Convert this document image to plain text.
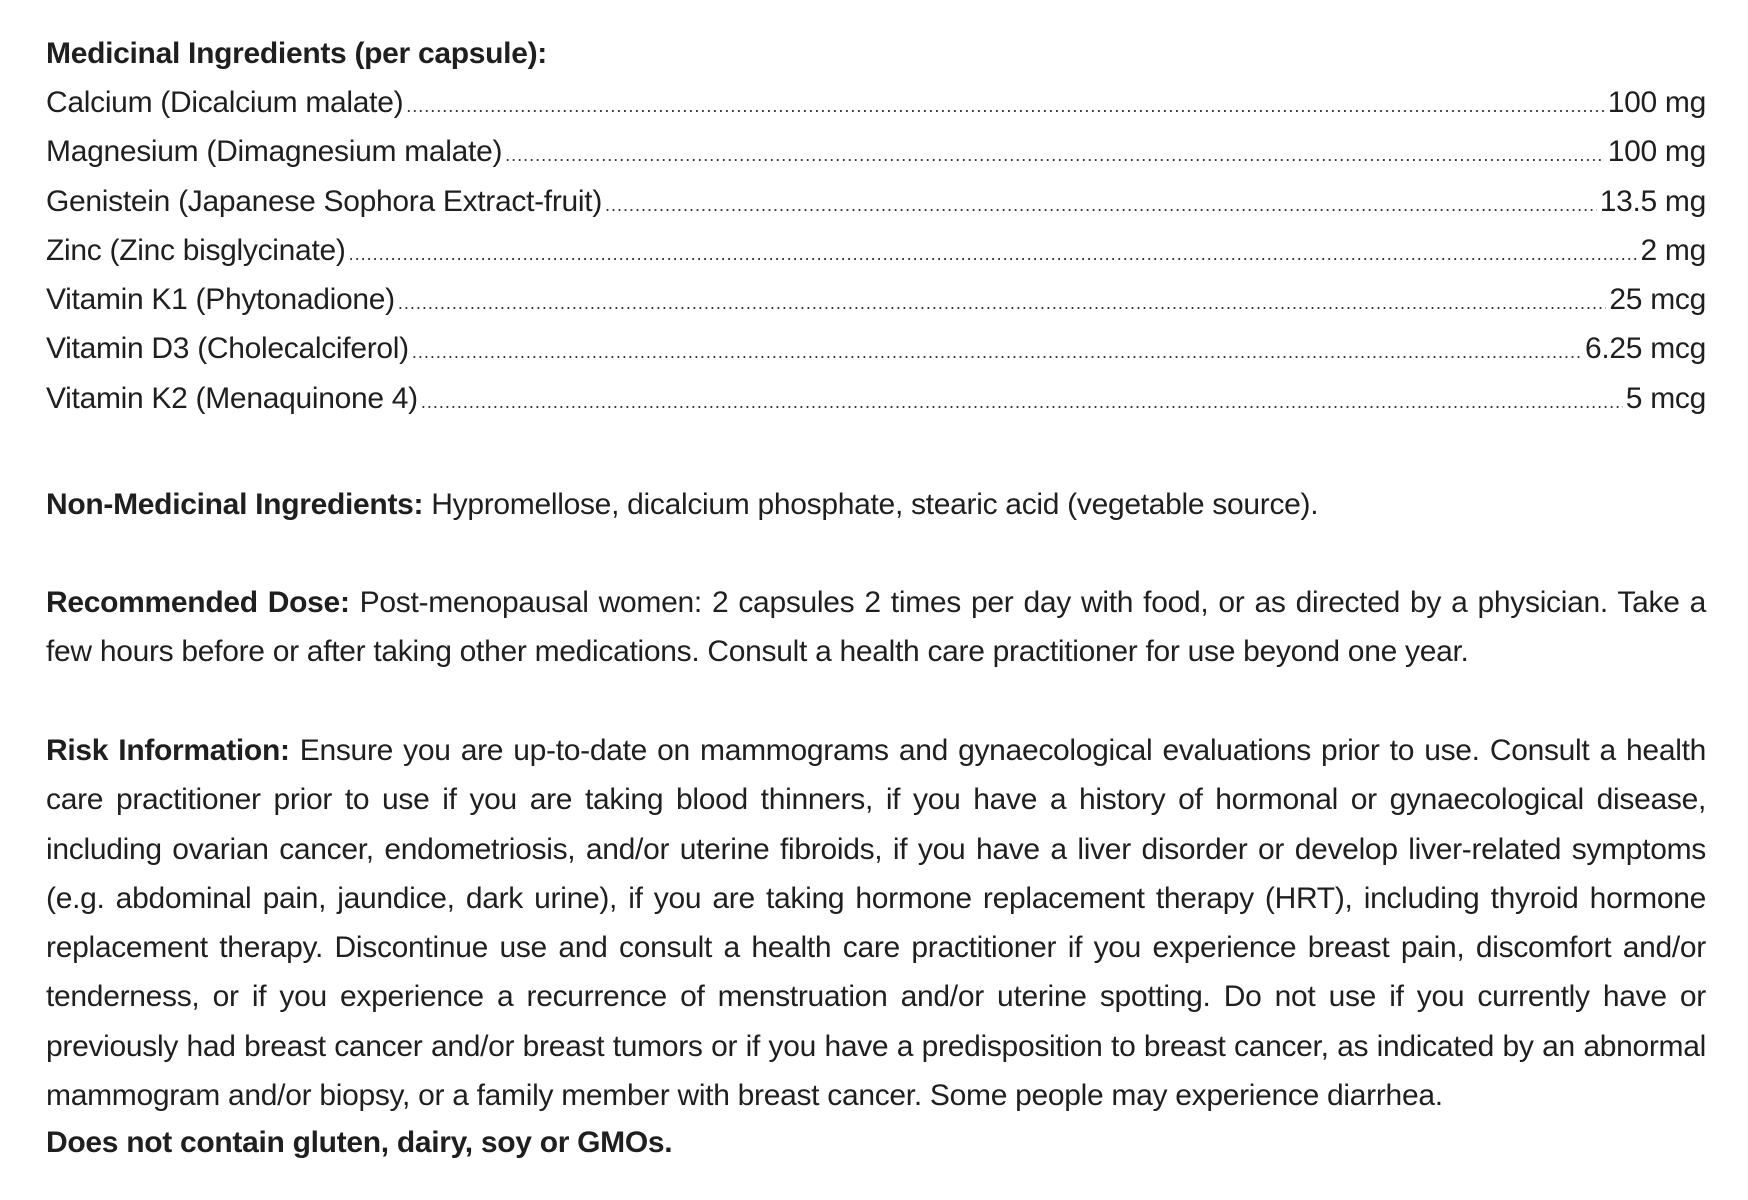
Medicinal Ingredients (per capsule):
Calcium (Dicalcium malate) .....	100 mg
Magnesium (Dimagnesium malate) .....	100 mg
Genistein (Japanese Sophora Extract-fruit) .....	13.5 mg
Zinc (Zinc bisglycinate) .....	2 mg
Vitamin K1 (Phytonadione) .....	25 mcg
Vitamin D3 (Cholecalciferol) .....	6.25 mcg
Vitamin K2 (Menaquinone 4) .....	5 mcg

Non-Medicinal Ingredients: Hypromellose, dicalcium phosphate, stearic acid (vegetable source).

Recommended Dose: Post-menopausal women: 2 capsules 2 times per day with food, or as directed by a physician. Take a few hours before or after taking other medications. Consult a health care practitioner for use beyond one year.

Risk Information: Ensure you are up-to-date on mammograms and gynaecological evaluations prior to use. Consult a health care practitioner prior to use if you are taking blood thinners, if you have a history of hormonal or gynaecological disease, including ovarian cancer, endometriosis, and/or uterine fibroids, if you have a liver disorder or develop liver-related symptoms (e.g. abdominal pain, jaundice, dark urine), if you are taking hormone replacement therapy (HRT), including thyroid hormone replacement therapy. Discontinue use and consult a health care practitioner if you experience breast pain, discomfort and/or tenderness, or if you experience a recurrence of menstruation and/or uterine spotting. Do not use if you currently have or previously had breast cancer and/or breast tumors or if you have a predisposition to breast cancer, as indicated by an abnormal mammogram and/or biopsy, or a family member with breast cancer. Some people may experience diarrhea.

Does not contain gluten, dairy, soy or GMOs.
